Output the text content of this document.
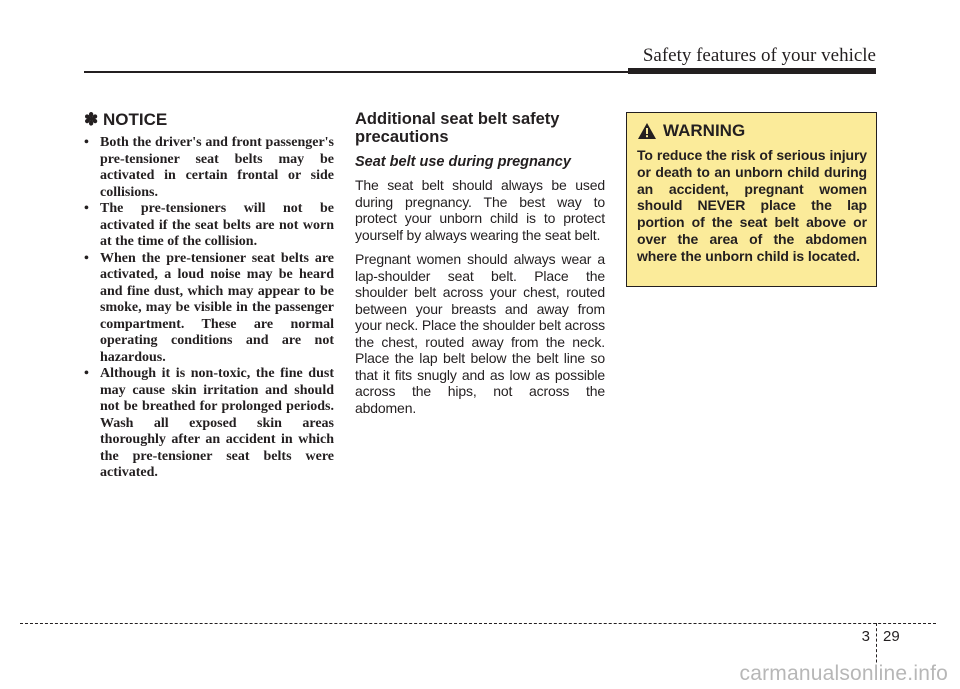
Safety features of your vehicle
✽ NOTICE
• Both the driver's and front passenger's pre-tensioner seat belts may be activated in certain frontal or side collisions.
• The pre-tensioners will not be activated if the seat belts are not worn at the time of the collision.
• When the pre-tensioner seat belts are activated, a loud noise may be heard and fine dust, which may appear to be smoke, may be visible in the passenger compartment. These are normal operating conditions and are not hazardous.
• Although it is non-toxic, the fine dust may cause skin irritation and should not be breathed for prolonged periods. Wash all exposed skin areas thoroughly after an accident in which the pre-tensioner seat belts were activated.
Additional seat belt safety precautions
Seat belt use during pregnancy

The seat belt should always be used during pregnancy. The best way to protect your unborn child is to protect yourself by always wearing the seat belt.

Pregnant women should always wear a lap-shoulder seat belt. Place the shoulder belt across your chest, routed between your breasts and away from your neck. Place the shoulder belt across the chest, routed away from the neck. Place the lap belt below the belt line so that it fits snugly and as low as possible across the hips, not across the abdomen.

WARNING

To reduce the risk of serious injury or death to an unborn child during an accident, pregnant women should NEVER place the lap portion of the seat belt above or over the area of the abdomen where the unborn child is located.

3 29
carmanualsonline.info
